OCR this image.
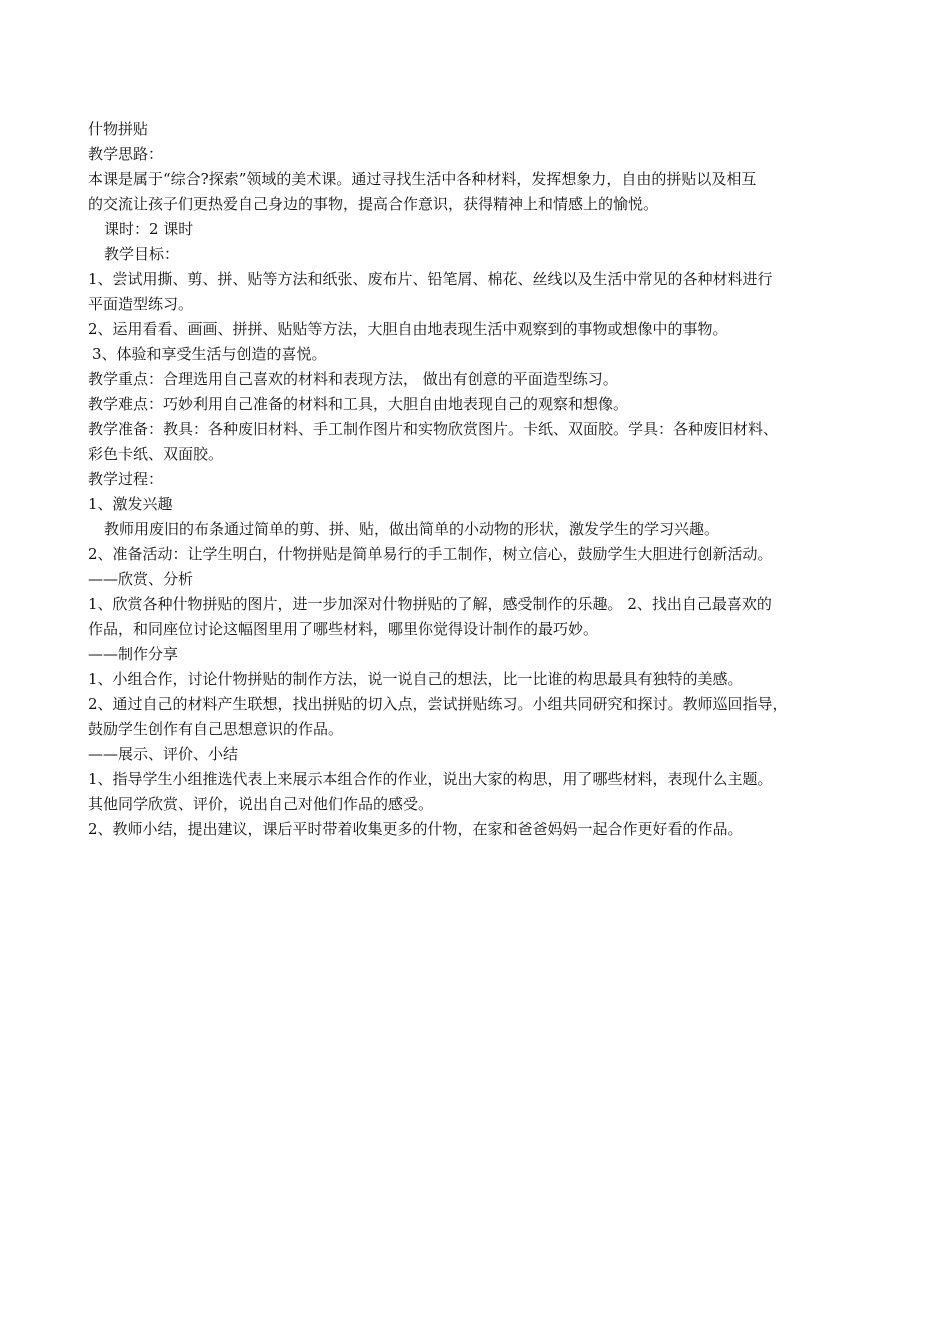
什物拼贴
教学思路：
本课是属于“综合?探索”领域的美术课。通过寻找生活中各种材料，发挥想象力，自由的拼贴以及相互
的交流让孩子们更热爱自己身边的事物，提高合作意识，获得精神上和情感上的愉悦。
课时：2 课时
教学目标：
1、尝试用撕、剪、拼、贴等方法和纸张、废布片、铅笔屑、棉花、丝线以及生活中常见的各种材料进行
平面造型练习。
2、运用看看、画画、拼拼、贴贴等方法，大胆自由地表现生活中观察到的事物或想像中的事物。
3、体验和享受生活与创造的喜悦。
教学重点：合理选用自己喜欢的材料和表现方法， 做出有创意的平面造型练习。
教学难点：巧妙利用自己准备的材料和工具，大胆自由地表现自己的观察和想像。
教学准备：教具：各种废旧材料、手工制作图片和实物欣赏图片。卡纸、双面胶。学具：各种废旧材料、
彩色卡纸、双面胶。
教学过程：
1、激发兴趣
教师用废旧的布条通过简单的剪、拼、贴，做出简单的小动物的形状，激发学生的学习兴趣。
2、准备活动：让学生明白，什物拼贴是简单易行的手工制作，树立信心，鼓励学生大胆进行创新活动。
——欣赏、分析
1、欣赏各种什物拼贴的图片，进一步加深对什物拼贴的了解，感受制作的乐趣。 2、找出自己最喜欢的
作品，和同座位讨论这幅图里用了哪些材料，哪里你觉得设计制作的最巧妙。
——制作分享
1、小组合作，讨论什物拼贴的制作方法，说一说自己的想法，比一比谁的构思最具有独特的美感。
2、通过自己的材料产生联想，找出拼贴的切入点，尝试拼贴练习。小组共同研究和探讨。教师巡回指导，
鼓励学生创作有自己思想意识的作品。
——展示、评价、小结
1、指导学生小组推选代表上来展示本组合作的作业，说出大家的构思，用了哪些材料，表现什么主题。
其他同学欣赏、评价，说出自己对他们作品的感受。
2、教师小结，提出建议，课后平时带着收集更多的什物，在家和爸爸妈妈一起合作更好看的作品。
